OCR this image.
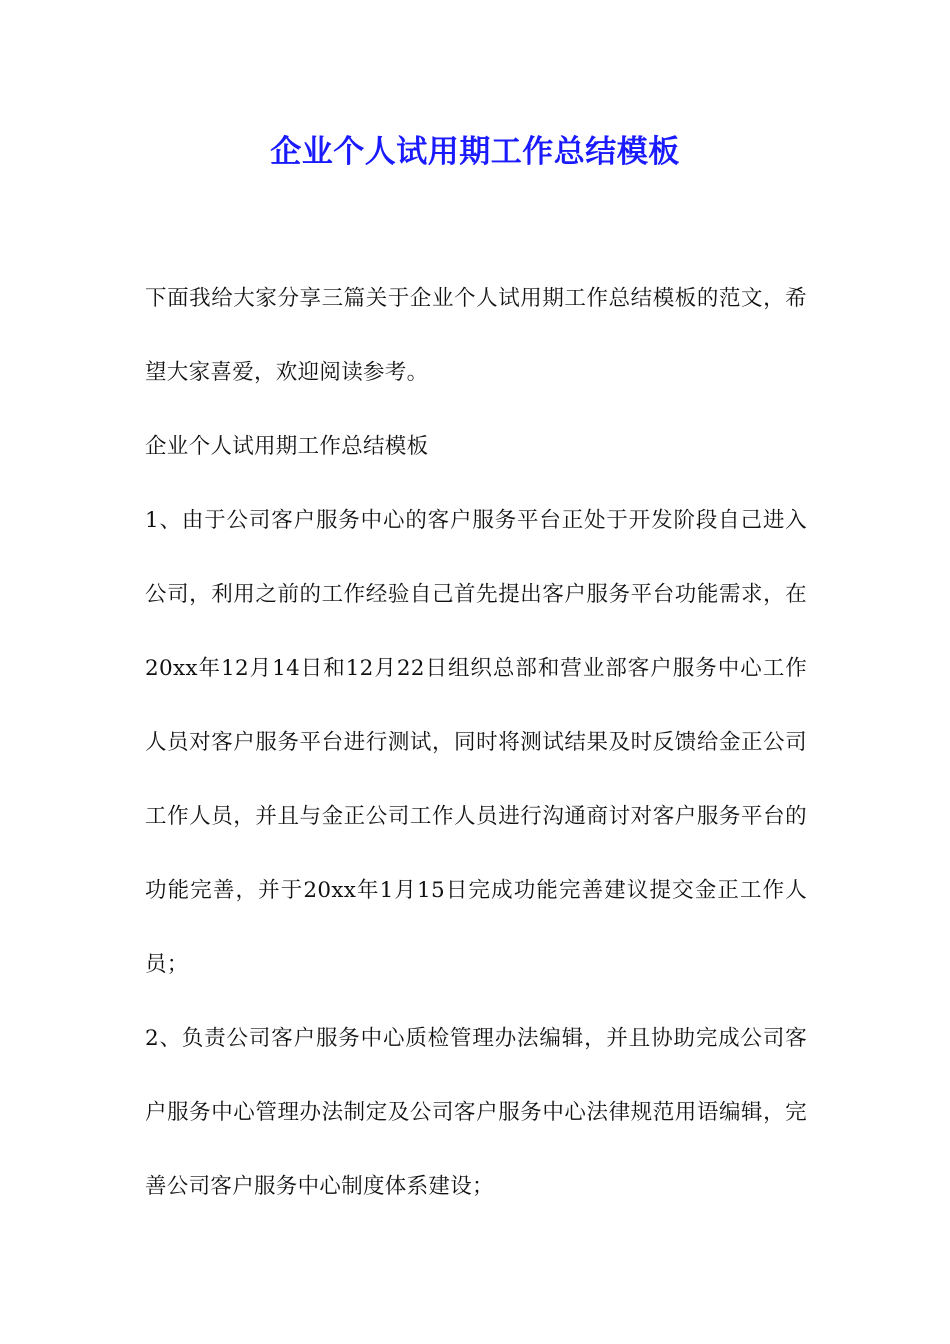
企业个人试用期工作总结模板

下面我给大家分享三篇关于企业个人试用期工作总结模板的范文，希望大家喜爱，欢迎阅读参考。

企业个人试用期工作总结模板

1、由于公司客户服务中心的客户服务平台正处于开发阶段自己进入公司，利用之前的工作经验自己首先提出客户服务平台功能需求，在20xx年12月14日和12月22日组织总部和营业部客户服务中心工作人员对客户服务平台进行测试，同时将测试结果及时反馈给金正公司工作人员，并且与金正公司工作人员进行沟通商讨对客户服务平台的功能完善，并于20xx年1月15日完成功能完善建议提交金正工作人员；

2、负责公司客户服务中心质检管理办法编辑，并且协助完成公司客户服务中心管理办法制定及公司客户服务中心法律规范用语编辑，完善公司客户服务中心制度体系建设；
